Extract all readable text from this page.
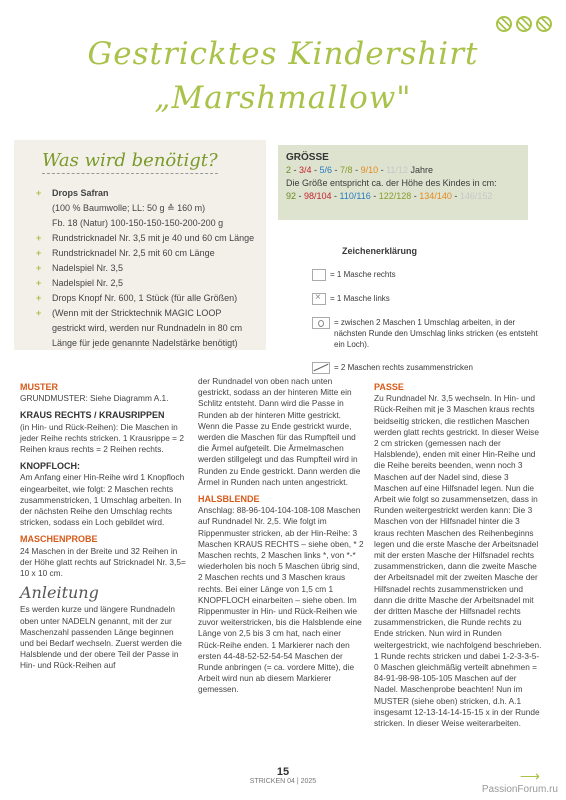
Gestricktes Kindershirt
„Marshmallow"
Was wird benötigt?
+ Drops Safran
(100 % Baumwolle; LL: 50 g ≙ 160 m)
Fb. 18 (Natur) 100-150-150-150-200-200 g
+ Rundstricknadel Nr. 3,5 mit je 40 und 60 cm Länge
+ Rundstricknadel Nr. 2,5 mit 60 cm Länge
+ Nadelspiel Nr. 3,5
+ Nadelspiel Nr. 2,5
+ Drops Knopf Nr. 600, 1 Stück (für alle Größen)
+ (Wenn mit der Stricktechnik MAGIC LOOP
gestrickt wird, werden nur Rundnadeln in 80 cm
Länge für jede genannte Nadelstärke benötigt)
GRÖSSE
2 - 3/4 - 5/6 - 7/8 - 9/10 - 11/12 Jahre
Die Größe entspricht ca. der Höhe des Kindes in cm:
92 - 98/104 - 110/116 - 122/128 - 134/140 - 146/152
Zeichenerklärung
= 1 Masche rechts
×
= 1 Masche links
= zwischen 2 Maschen 1 Umschlag arbeiten, in der nächsten Runde den Umschlag links stricken (es entsteht ein Loch).
= 2 Maschen rechts zusammenstricken

MUSTER

GRUNDMUSTER: Siehe Diagramm A.1.

KRAUS RECHTS / KRAUSRIPPEN

(in Hin- und Rück-Reihen): Die Maschen in jeder Reihe rechts stricken. 1 Krausrippe = 2 Reihen kraus rechts = 2 Reihen rechts.

KNOPFLOCH:

Am Anfang einer Hin-Reihe wird 1 Knopfloch eingearbeitet, wie folgt: 2 Maschen rechts zusammenstricken, 1 Umschlag arbeiten. In der nächsten Reihe den Umschlag rechts stricken, sodass ein Loch gebildet wird.

MASCHENPROBE

24 Maschen in der Breite und 32 Reihen in der Höhe glatt rechts auf Stricknadel Nr. 3,5= 10 x 10 cm.

Anleitung

Es werden kurze und längere Rundnadeln oben unter NADELN genannt, mit der zur Maschenzahl passenden Länge beginnen und bei Bedarf wechseln. Zuerst werden die Halsblende und der obere Teil der Passe in Hin- und Rück-Reihen auf

der Rundnadel von oben nach unten gestrickt, sodass an der hinteren Mitte ein Schlitz entsteht. Dann wird die Passe in Runden ab der hinteren Mitte gestrickt. Wenn die Passe zu Ende gestrickt wurde, werden die Maschen für das Rumpfteil und die Ärmel aufgeteilt. Die Ärmelmaschen werden stillgelegt und das Rumpfteil wird in Runden zu Ende gestrickt. Dann werden die Ärmel in Runden nach unten angestrickt.

HALSBLENDE

Anschlag: 88-96-104-104-108-108 Maschen auf Rundnadel Nr. 2,5. Wie folgt im Rippenmuster stricken, ab der Hin-Reihe: 3 Maschen KRAUS RECHTS – siehe oben, * 2 Maschen rechts, 2 Maschen links *, von *-* wiederholen bis noch 5 Maschen übrig sind, 2 Maschen rechts und 3 Maschen kraus rechts. Bei einer Länge von 1,5 cm 1 KNOPFLOCH einarbeiten – siehe oben. Im Rippenmuster in Hin- und Rück-Reihen wie zuvor weiterstricken, bis die Halsblende eine Länge von 2,5 bis 3 cm hat, nach einer Rück-Reihe enden. 1 Markierer nach den ersten 44-48-52-52-54-54 Maschen der Runde anbringen (= ca. vordere Mitte), die Arbeit wird nun ab diesem Markierer gemessen.

PASSE

Zu Rundnadel Nr. 3,5 wechseln. In Hin- und Rück-Reihen mit je 3 Maschen kraus rechts beidseitig stricken, die restlichen Maschen werden glatt rechts gestrickt. In dieser Weise 2 cm stricken (gemessen nach der Halsblende), enden mit einer Hin-Reihe und die Reihe bereits beenden, wenn noch 3 Maschen auf der Nadel sind, diese 3 Maschen auf eine Hilfsnadel legen. Nun die Arbeit wie folgt so zusammensetzen, dass in Runden weitergestrickt werden kann: Die 3 Maschen von der Hilfsnadel hinter die 3 kraus rechten Maschen des Reihenbeginns legen und die erste Masche der Arbeitsnadel mit der ersten Masche der Hilfsnadel rechts zusammenstricken, dann die zweite Masche der Arbeitsnadel mit der zweiten Masche der Hilfsnadel rechts zusammenstricken und dann die dritte Masche der Arbeitsnadel mit der dritten Masche der Hilfsnadel rechts zusammenstricken, die Runde rechts zu Ende stricken. Nun wird in Runden weitergestrickt, wie nachfolgend beschrieben. 1 Runde rechts stricken und dabei 1-2-3-3-5-0 Maschen gleichmäßig verteilt abnehmen = 84-91-98-98-105-105 Maschen auf der Nadel. Maschenprobe beachten! Nun im MUSTER (siehe oben) stricken, d.h. A.1 insgesamt 12-13-14-14-15-15 x in der Runde stricken. In dieser Weise weiterarbeiten.

15
STRICKEN 04 | 2025	⟶
PassionForum.ru
